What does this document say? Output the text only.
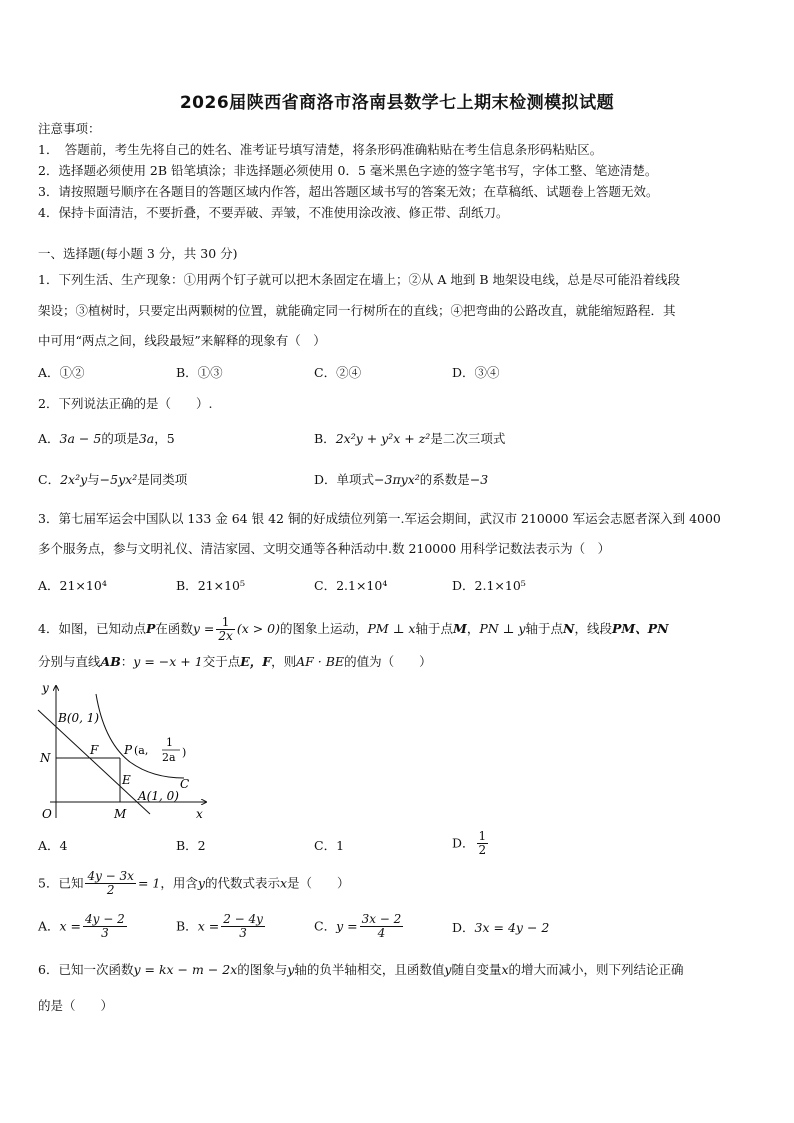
2026届陕西省商洛市洛南县数学七上期末检测模拟试题
注意事项：
1．　答题前，考生先将自己的姓名、准考证号填写清楚，将条形码准确粘贴在考生信息条形码粘贴区。
2．选择题必须使用 2B 铅笔填涂；非选择题必须使用 0．5 毫米黑色字迹的签字笔书写，字体工整、笔迹清楚。
3．请按照题号顺序在各题目的答题区域内作答，超出答题区域书写的答案无效；在草稿纸、试题卷上答题无效。
4．保持卡面清洁，不要折叠，不要弄破、弄皱，不准使用涂改液、修正带、刮纸刀。
一、选择题(每小题 3 分，共 30 分)
1．下列生活、生产现象：①用两个钉子就可以把木条固定在墙上；②从 A 地到 B 地架设电线，总是尽可能沿着线段
架设；③植树时，只要定出两颗树的位置，就能确定同一行树所在的直线；④把弯曲的公路改直，就能缩短路程．其
中可用“两点之间，线段最短”来解释的现象有（　）
A．①②	B．①③	C．②④	D．③④
2．下列说法正确的是（　　）.
A．3a − 5的项是3a，5	B．2x²y + y²x + z²是二次三项式
C．2x²y与−5yx²是同类项	D．单项式−3πyx²的系数是−3
3．第七届军运会中国队以 133 金 64 银 42 铜的好成绩位列第一.军运会期间，武汉市 210000 军运会志愿者深入到 4000
多个服务点，参与文明礼仪、清洁家园、文明交通等各种活动中.数 210000 用科学记数法表示为（　）
A．21×10⁴	B．21×10⁵	C．2.1×10⁴	D．2.1×10⁵
4．如图，已知动点P在函数$y = \frac{1}{2x} (x > 0)$的图象上运动，PM ⊥ x轴于点M，PN ⊥ y轴于点N，线段PM、PN
分别与直线AB：y = −x + 1交于点E，F，则AF · BE的值为（　　）
y
B(0, 1)
N
F P (a,
1
2a )
E	C
A(1, 0)
O	M	x
A．4	B．2	C．1	D． $\frac{1}{2}$
5．已知 $\frac{4y - 3x}{2} = 1$，用含y的代数式表示x是（　　）
A．$x = \frac{4y - 2}{3}$	B．$x = \frac{2 - 4y}{3}$	C．$y = \frac{3x - 2}{4}$	D．3x = 4y − 2
6．已知一次函数y = kx − m − 2x的图象与y轴的负半轴相交，且函数值y随自变量x的增大而减小，则下列结论正确
的是（　　）
